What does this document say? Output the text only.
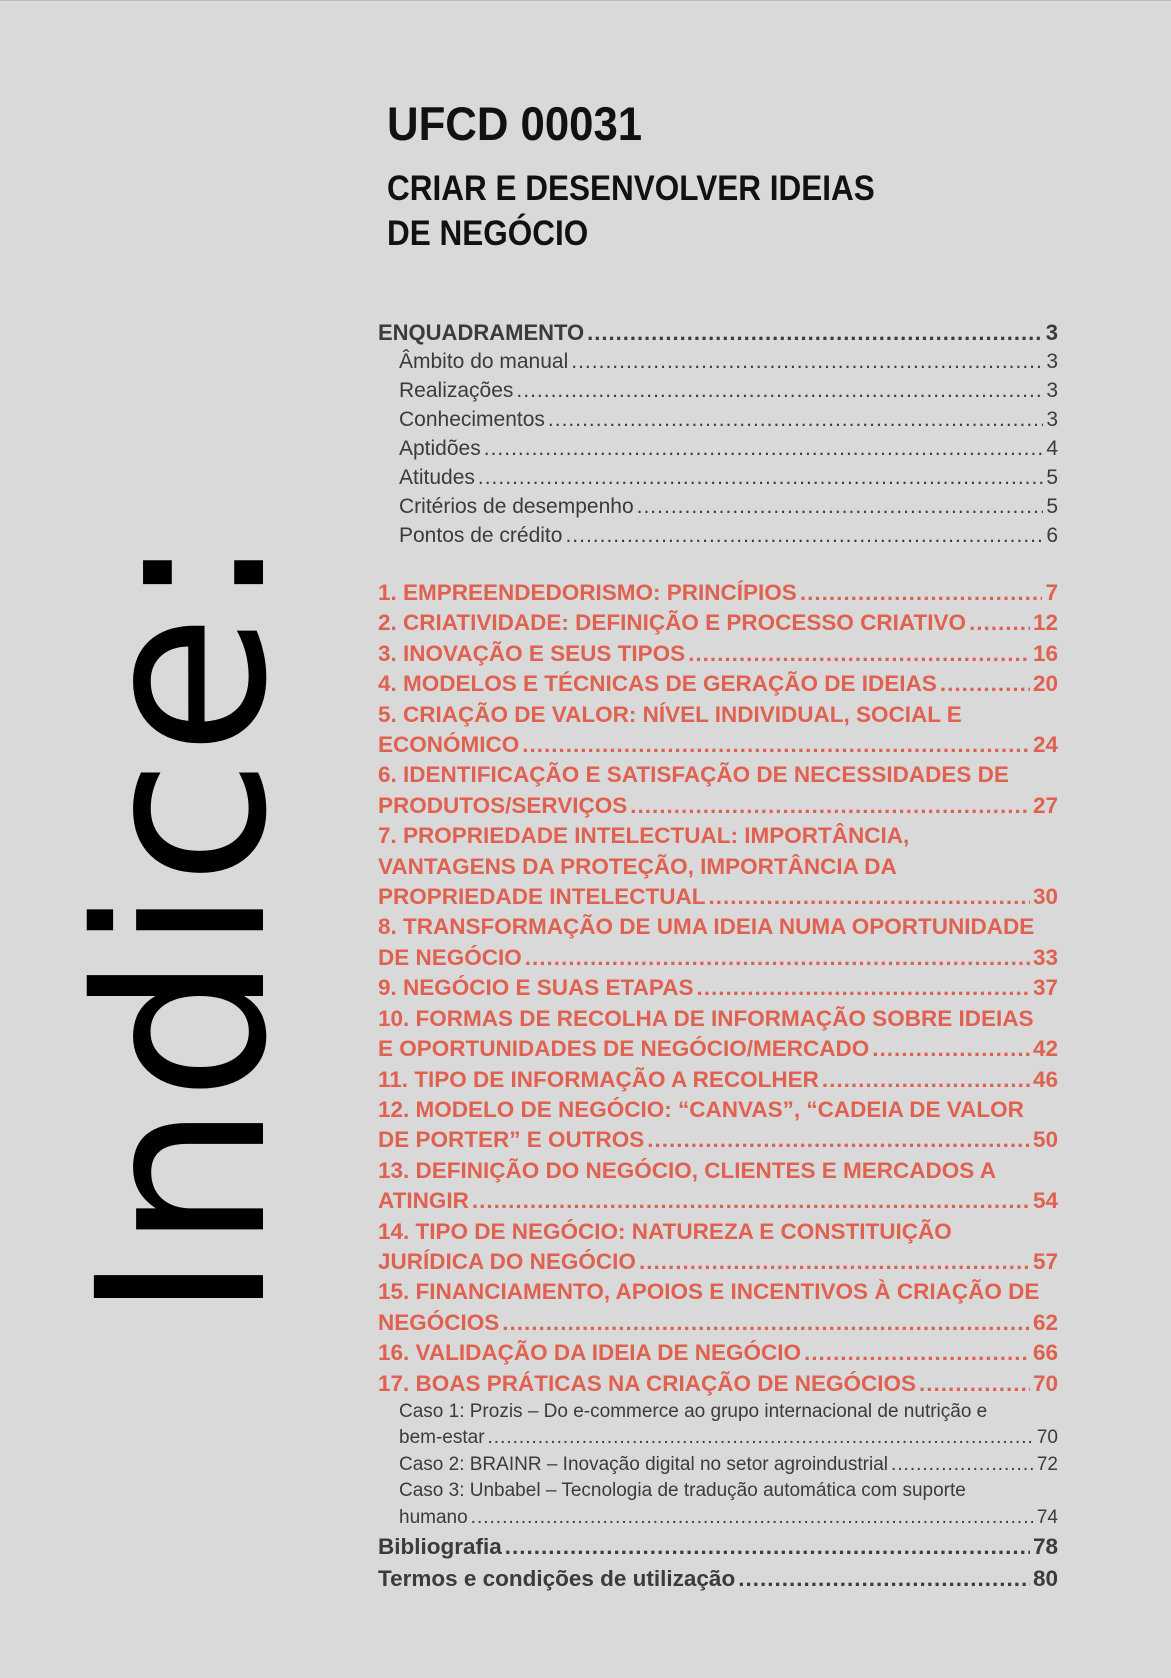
Indice:
UFCD 00031
CRIAR E DESENVOLVER IDEIAS DE NEGÓCIO
ENQUADRAMENTO .....	3
Âmbito do manual .....	3
Realizações .....	3
Conhecimentos .....	3
Aptidões .....	4
Atitudes .....	5
Critérios de desempenho .....	5
Pontos de crédito .....	6
1. EMPREENDEDORISMO: PRINCÍPIOS .....	7
2. CRIATIVIDADE: DEFINIÇÃO E PROCESSO CRIATIVO .....	12
3. INOVAÇÃO E SEUS TIPOS .....	16
4. MODELOS E TÉCNICAS DE GERAÇÃO DE IDEIAS .....	20
5. CRIAÇÃO DE VALOR: NÍVEL INDIVIDUAL, SOCIAL E
ECONÓMICO .....	24
6. IDENTIFICAÇÃO E SATISFAÇÃO DE NECESSIDADES DE
PRODUTOS/SERVIÇOS .....	27
7. PROPRIEDADE INTELECTUAL: IMPORTÂNCIA,
VANTAGENS DA PROTEÇÃO, IMPORTÂNCIA DA
PROPRIEDADE INTELECTUAL .....	30
8. TRANSFORMAÇÃO DE UMA IDEIA NUMA OPORTUNIDADE
DE NEGÓCIO .....	33
9. NEGÓCIO E SUAS ETAPAS .....	37
10. FORMAS DE RECOLHA DE INFORMAÇÃO SOBRE IDEIAS
E OPORTUNIDADES DE NEGÓCIO/MERCADO .....	42
11. TIPO DE INFORMAÇÃO A RECOLHER .....	46
12. MODELO DE NEGÓCIO: “CANVAS”, “CADEIA DE VALOR
DE PORTER” E OUTROS .....	50
13. DEFINIÇÃO DO NEGÓCIO, CLIENTES E MERCADOS A
ATINGIR .....	54
14. TIPO DE NEGÓCIO: NATUREZA E CONSTITUIÇÃO
JURÍDICA DO NEGÓCIO .....	57
15. FINANCIAMENTO, APOIOS E INCENTIVOS À CRIAÇÃO DE
NEGÓCIOS .....	62
16. VALIDAÇÃO DA IDEIA DE NEGÓCIO .....	66
17. BOAS PRÁTICAS NA CRIAÇÃO DE NEGÓCIOS .....	70
Caso 1: Prozis – Do e-commerce ao grupo internacional de nutrição e
bem-estar .....	70
Caso 2: BRAINR – Inovação digital no setor agroindustrial .....	72
Caso 3: Unbabel – Tecnologia de tradução automática com suporte
humano .....	74
Bibliografia .....	78
Termos e condições de utilização .....	80
